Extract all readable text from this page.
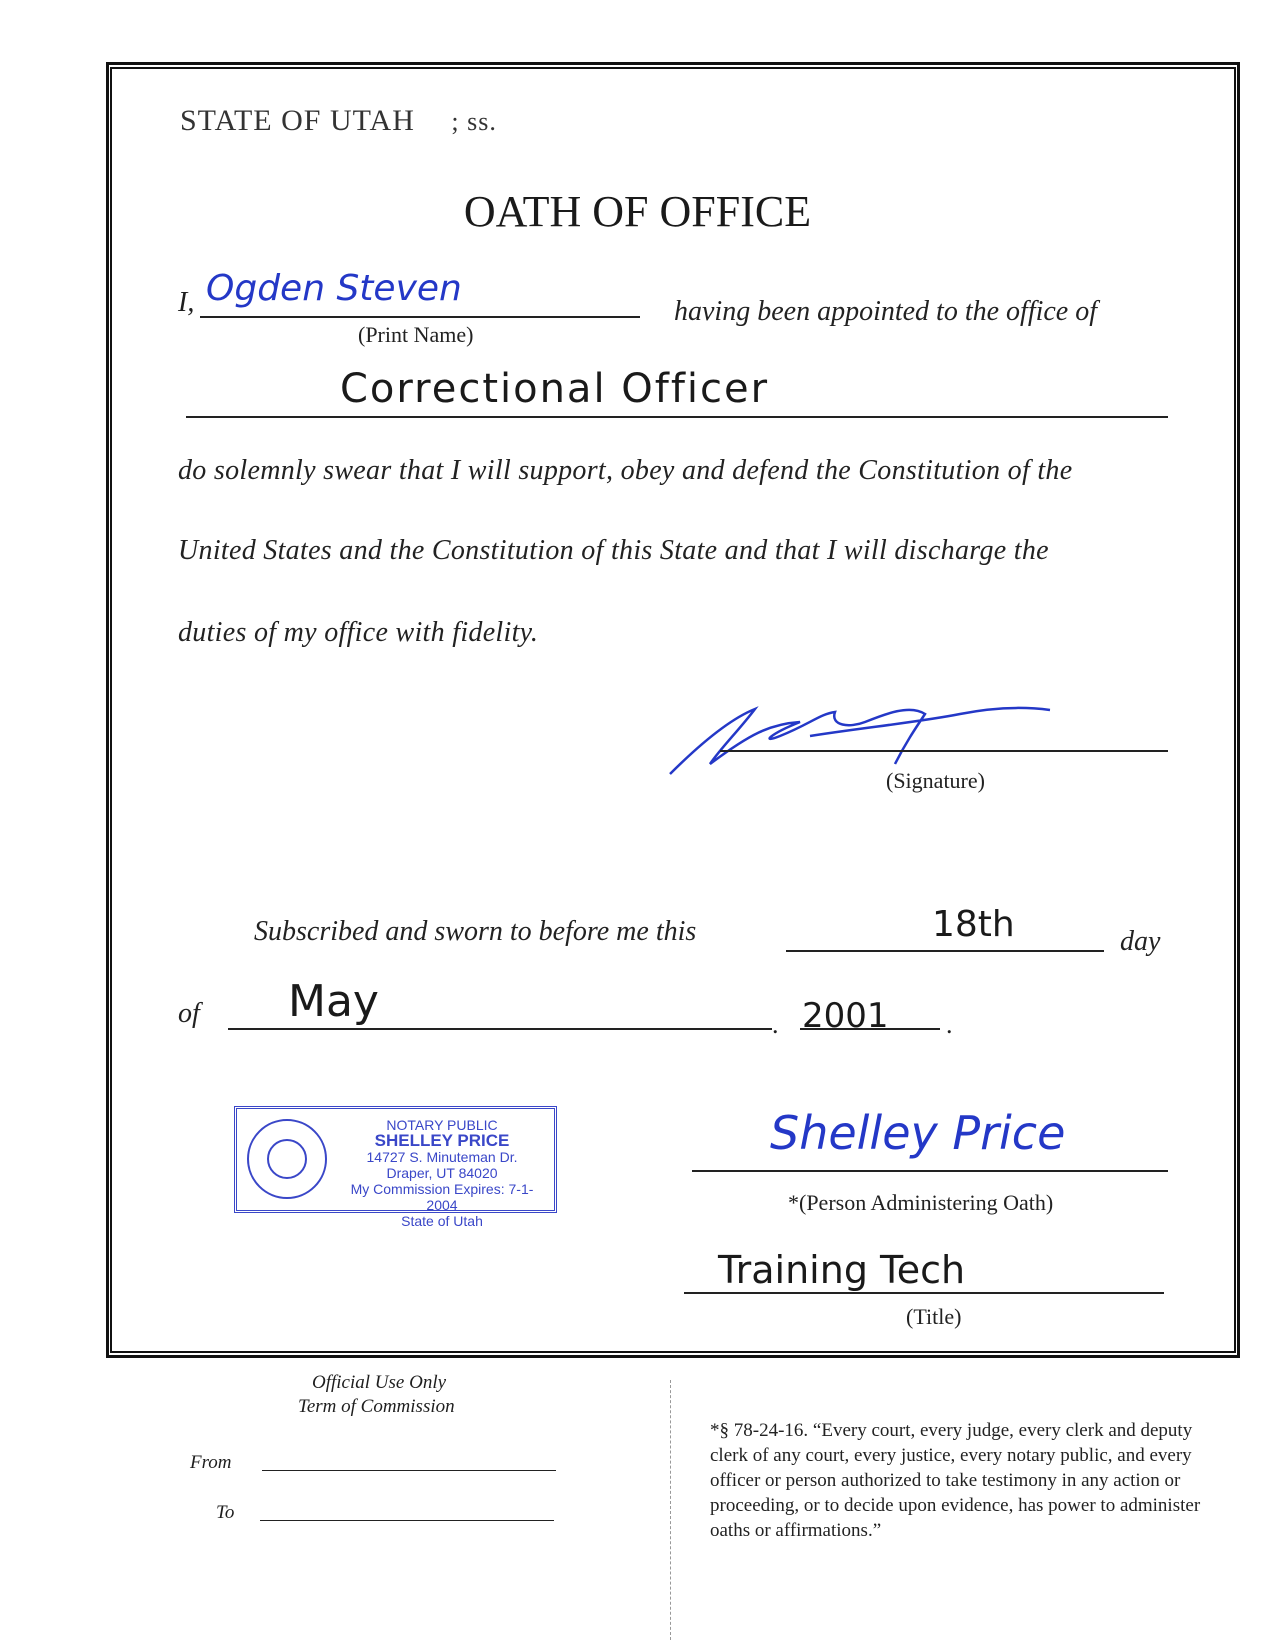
STATE OF UTAH ; ss.
OATH OF OFFICE
I, Ogden Steven
(Print Name)
having been appointed to the office of
Correctional Officer
do solemnly swear that I will support, obey and defend the Constitution of the
United States and the Constitution of this State and that I will discharge the
duties of my office with fidelity.
(Signature)
Subscribed and sworn to before me this	18th	day
of May	. 2001 .
NOTARY PUBLIC
SHELLEY PRICE
14727 S. Minuteman Dr.
Draper, UT 84020
My Commission Expires: 7-1-2004
State of Utah
Shelley Price
*(Person Administering Oath)
Training Tech
(Title)
Official Use Only
Term of Commission
From
To
*§ 78-24-16. “Every court, every judge, every clerk and deputy clerk of any court, every justice, every notary public, and every officer or person authorized to take testimony in any action or proceeding, or to decide upon evidence, has power to administer oaths or affirmations.”
